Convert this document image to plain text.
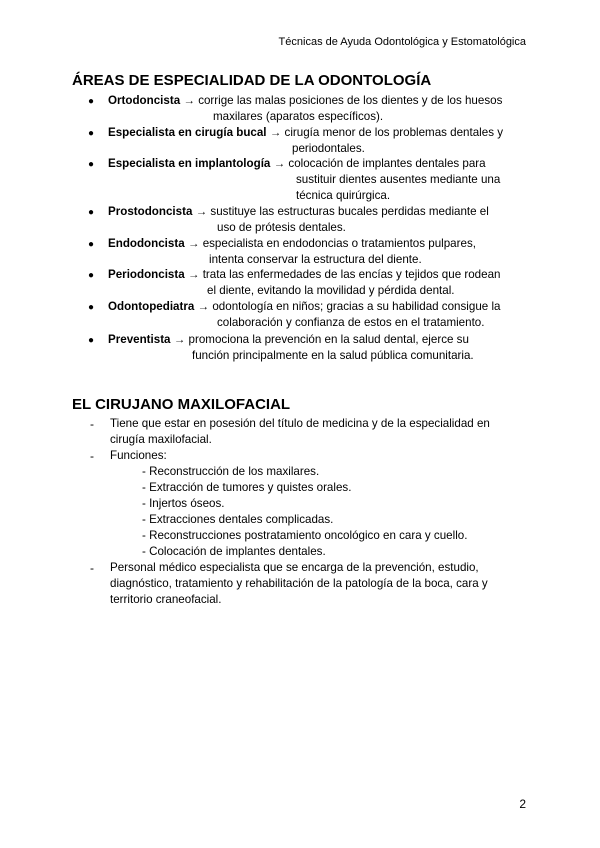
Técnicas de Ayuda Odontológica y Estomatológica
ÁREAS DE ESPECIALIDAD DE LA ODONTOLOGÍA
● Ortodoncista → corrige las malas posiciones de los dientes y de los huesos
maxilares (aparatos específicos).
● Especialista en cirugía bucal → cirugía menor de los problemas dentales y
periodontales.
● Especialista en implantología → colocación de implantes dentales para
sustituir dientes ausentes mediante una
técnica quirúrgica.
● Prostodoncista → sustituye las estructuras bucales perdidas mediante el
uso de prótesis dentales.
● Endodoncista → especialista en endodoncias o tratamientos pulpares,
intenta conservar la estructura del diente.
● Periodoncista → trata las enfermedades de las encías y tejidos que rodean
el diente, evitando la movilidad y pérdida dental.
● Odontopediatra → odontología en niños; gracias a su habilidad consigue la
colaboración y confianza de estos en el tratamiento.
● Preventista → promociona la prevención en la salud dental, ejerce su
función principalmente en la salud pública comunitaria.
EL CIRUJANO MAXILOFACIAL
- Tiene que estar en posesión del título de medicina y de la especialidad en
cirugía maxilofacial.
- Funciones:
- Reconstrucción de los maxilares.
- Extracción de tumores y quistes orales.
- Injertos óseos.
- Extracciones dentales complicadas.
- Reconstrucciones postratamiento oncológico en cara y cuello.
- Colocación de implantes dentales.
- Personal médico especialista que se encarga de la prevención, estudio,
diagnóstico, tratamiento y rehabilitación de la patología de la boca, cara y
territorio craneofacial.
2
